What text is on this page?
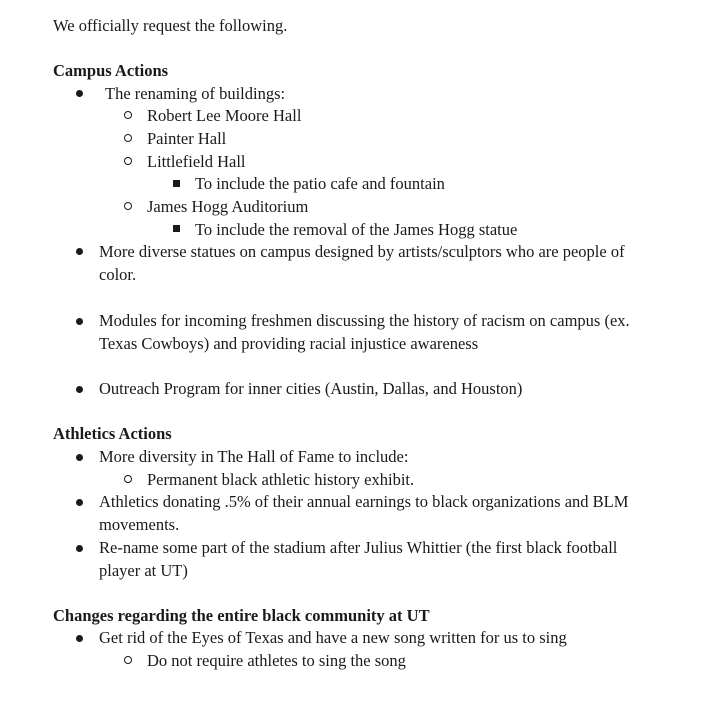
We officially request the following.
Campus Actions
The renaming of buildings:
Robert Lee Moore Hall
Painter Hall
Littlefield Hall
To include the patio cafe and fountain
James Hogg Auditorium
To include the removal of the James Hogg statue
More diverse statues on campus designed by artists/sculptors who are people of
color.
Modules for incoming freshmen discussing the history of racism on campus (ex.
Texas Cowboys) and providing racial injustice awareness
Outreach Program for inner cities (Austin, Dallas, and Houston)
Athletics Actions
More diversity in The Hall of Fame to include:
Permanent black athletic history exhibit.
Athletics donating .5% of their annual earnings to black organizations and BLM
movements.
Re-name some part of the stadium after Julius Whittier (the first black football
player at UT)
Changes regarding the entire black community at UT
Get rid of the Eyes of Texas and have a new song written for us to sing
Do not require athletes to sing the song
